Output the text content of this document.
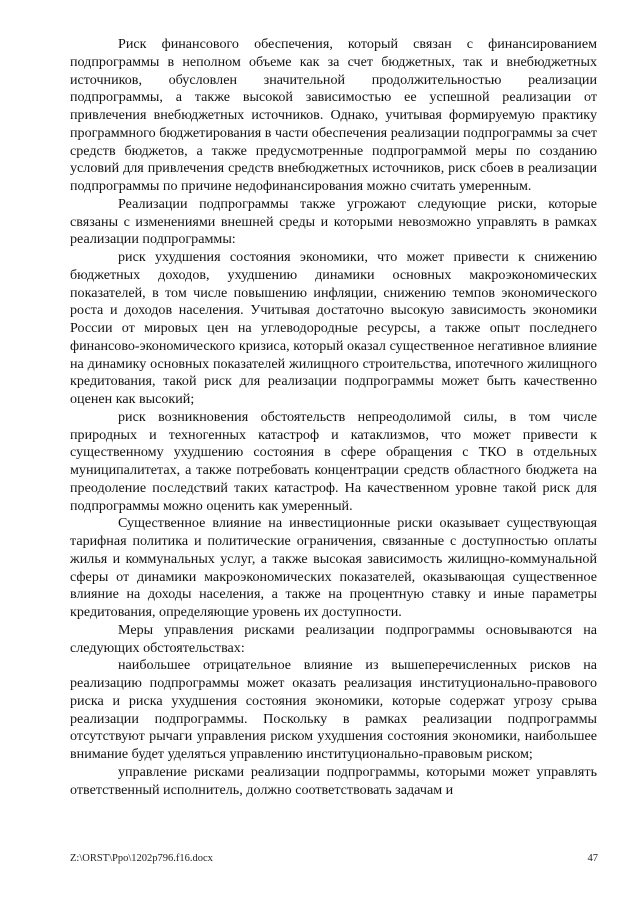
Риск финансового обеспечения, который связан с финансированием подпрограммы в неполном объеме как за счет бюджетных, так и внебюджетных источников, обусловлен значительной продолжительностью реализации подпрограммы, а также высокой зависимостью ее успешной реализации от привлечения внебюджетных источников. Однако, учитывая формируемую практику программного бюджетирования в части обеспечения реализации подпрограммы за счет средств бюджетов, а также предусмотренные подпрограммой меры по созданию условий для привлечения средств внебюджетных источников, риск сбоев в реализации подпрограммы по причине недофинансирования можно считать умеренным.

Реализации подпрограммы также угрожают следующие риски, которые связаны с изменениями внешней среды и которыми невозможно управлять в рамках реализации подпрограммы:

риск ухудшения состояния экономики, что может привести к снижению бюджетных доходов, ухудшению динамики основных макроэкономических показателей, в том числе повышению инфляции, снижению темпов экономического роста и доходов населения. Учитывая достаточно высокую зависимость экономики России от мировых цен на углеводородные ресурсы, а также опыт последнего финансово-экономического кризиса, который оказал существенное негативное влияние на динамику основных показателей жилищного строительства, ипотечного жилищного кредитования, такой риск для реализации подпрограммы может быть качественно оценен как высокий;

риск возникновения обстоятельств непреодолимой силы, в том числе природных и техногенных катастроф и катаклизмов, что может привести к существенному ухудшению состояния в сфере обращения с ТКО в отдельных муниципалитетах, а также потребовать концентрации средств областного бюджета на преодоление последствий таких катастроф. На качественном уровне такой риск для подпрограммы можно оценить как умеренный.

Существенное влияние на инвестиционные риски оказывает существующая тарифная политика и политические ограничения, связанные с доступностью оплаты жилья и коммунальных услуг, а также высокая зависимость жилищно-коммунальной сферы от динамики макроэкономических показателей, оказывающая существенное влияние на доходы населения, а также на процентную ставку и иные параметры кредитования, определяющие уровень их доступности.

Меры управления рисками реализации подпрограммы основываются на следующих обстоятельствах:

наибольшее отрицательное влияние из вышеперечисленных рисков на реализацию подпрограммы может оказать реализация институционально-правового риска и риска ухудшения состояния экономики, которые содержат угрозу срыва реализации подпрограммы. Поскольку в рамках реализации подпрограммы отсутствуют рычаги управления риском ухудшения состояния экономики, наибольшее внимание будет уделяться управлению институционально-правовым риском;

управление рисками реализации подпрограммы, которыми может управлять ответственный исполнитель, должно соответствовать задачам и

Z:\ORST\Ppo\1202p796.f16.docx	47
